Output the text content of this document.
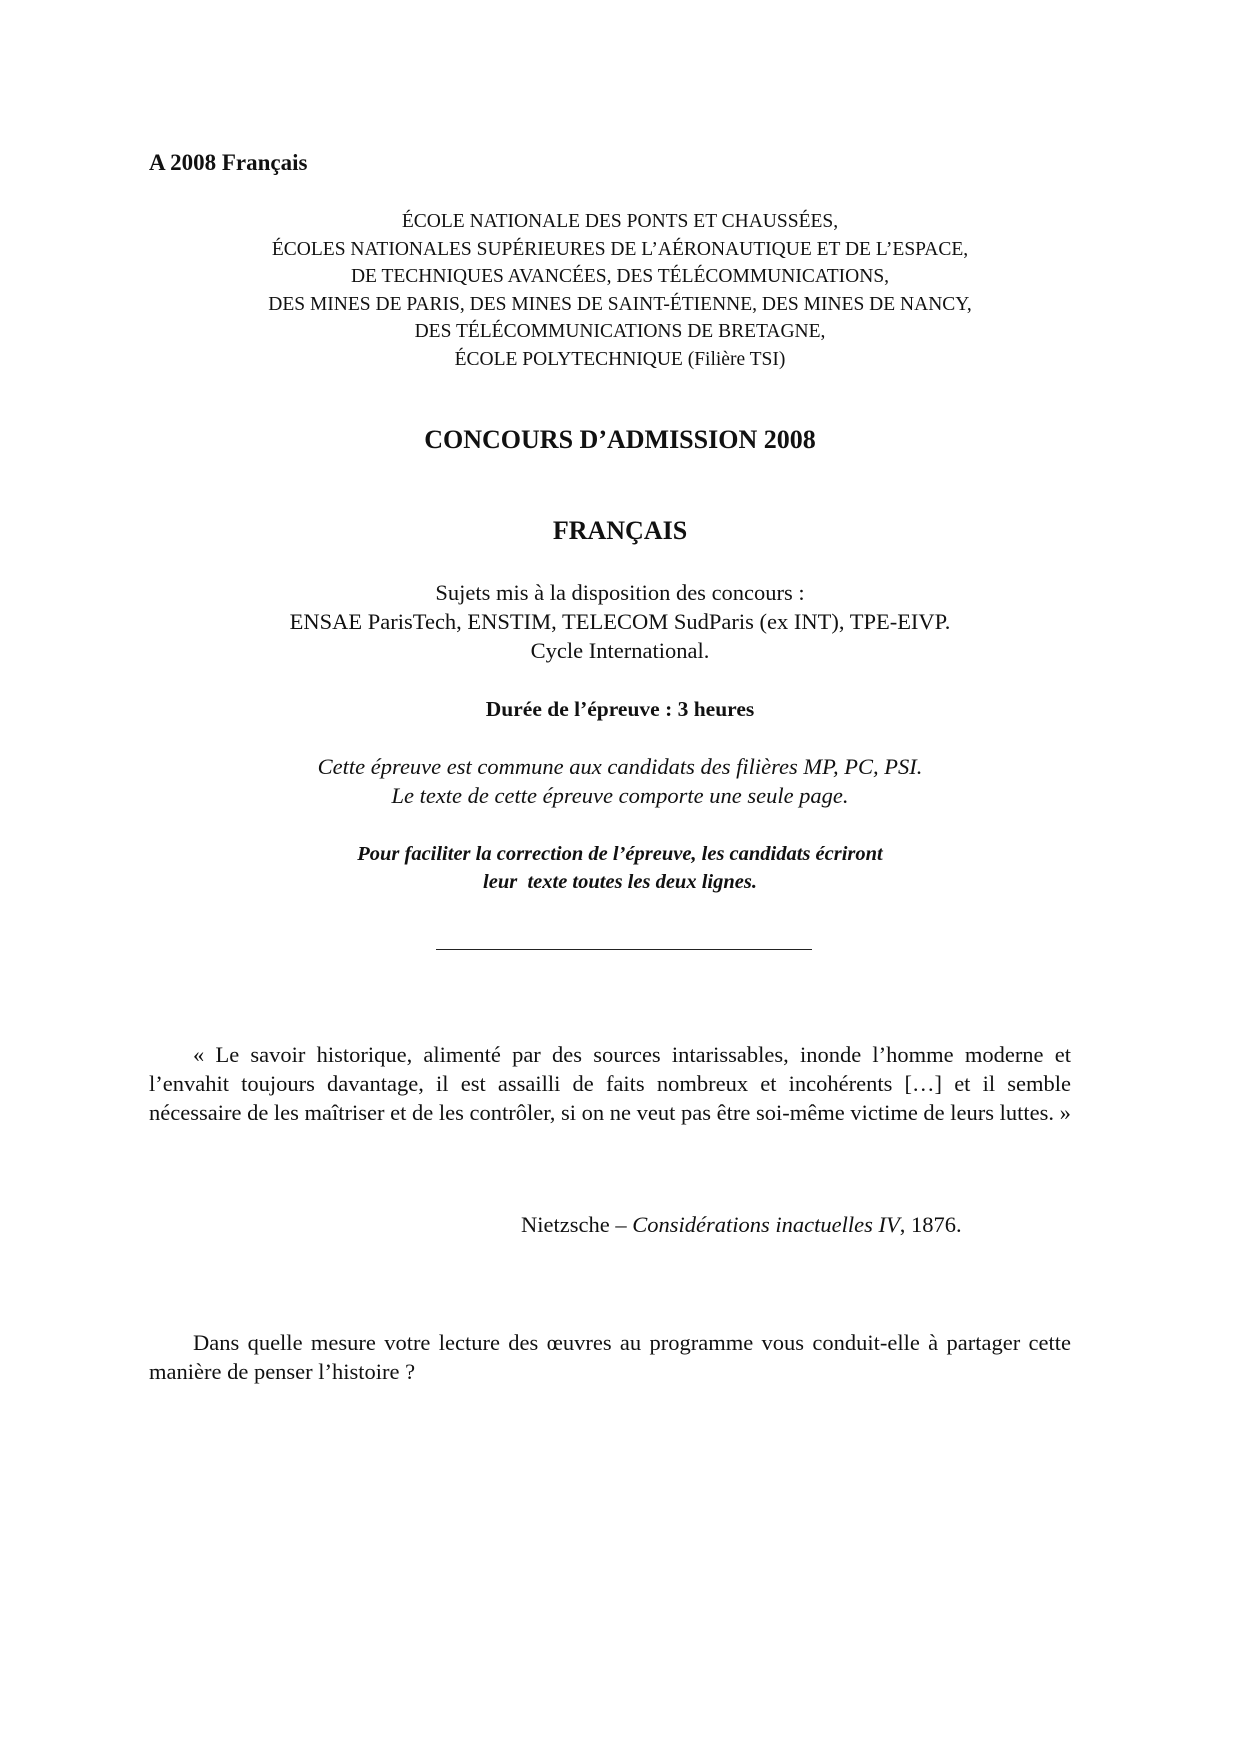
A 2008 Français
ÉCOLE NATIONALE DES PONTS ET CHAUSSÉES,
ÉCOLES NATIONALES SUPÉRIEURES DE L’AÉRONAUTIQUE ET DE L’ESPACE,
DE TECHNIQUES AVANCÉES, DES TÉLÉCOMMUNICATIONS,
DES MINES DE PARIS, DES MINES DE SAINT-ÉTIENNE, DES MINES DE NANCY,
DES TÉLÉCOMMUNICATIONS DE BRETAGNE,
ÉCOLE POLYTECHNIQUE (Filière TSI)
CONCOURS D’ADMISSION 2008
FRANÇAIS
Sujets mis à la disposition des concours :
ENSAE ParisTech, ENSTIM, TELECOM SudParis (ex INT), TPE-EIVP.
Cycle International.
Durée de l’épreuve : 3 heures
Cette épreuve est commune aux candidats des filières MP, PC, PSI.
Le texte de cette épreuve comporte une seule page.
Pour faciliter la correction de l’épreuve, les candidats écriront
leur  texte toutes les deux lignes.
« Le savoir historique, alimenté par des sources intarissables, inonde l’homme moderne et l’envahit toujours davantage, il est assailli de faits nombreux et incohérents […] et il semble nécessaire de les maîtriser et de les contrôler, si on ne veut pas être soi-même victime de leurs luttes. »
Nietzsche – Considérations inactuelles IV, 1876.
Dans quelle mesure votre lecture des œuvres au programme vous conduit-elle à partager cette manière de penser l’histoire ?
